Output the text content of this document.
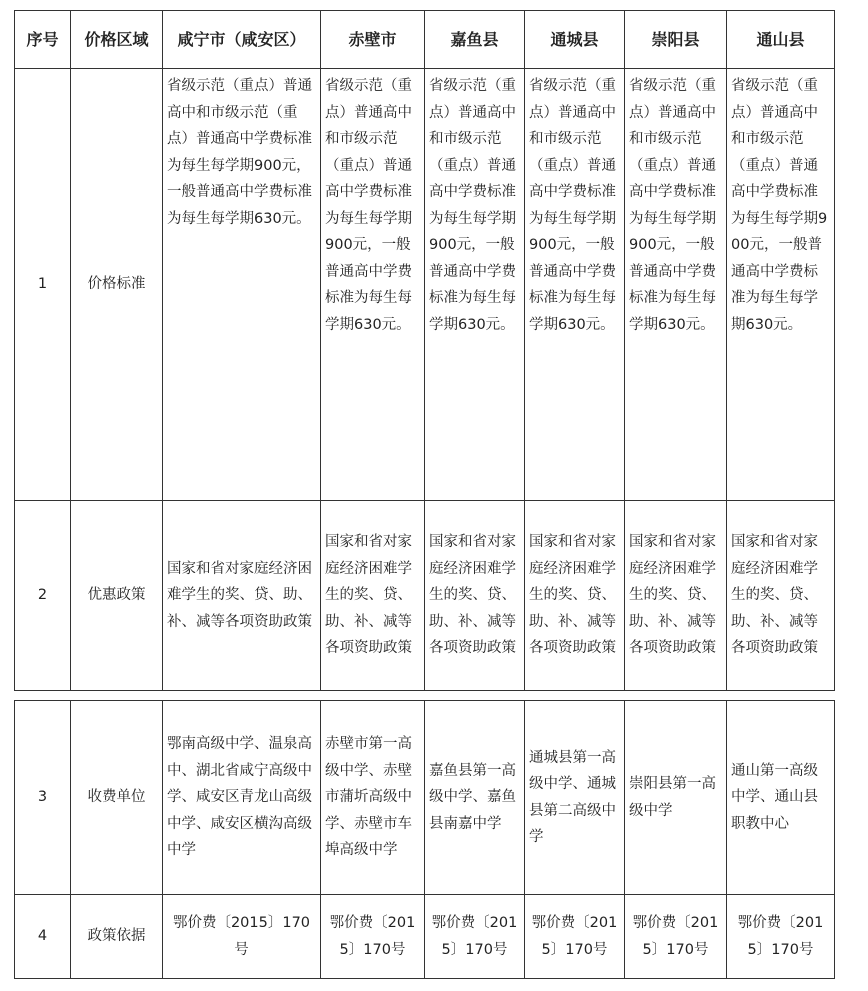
序号	价格区域	咸宁市（咸安区）	赤壁市	嘉鱼县	通城县	崇阳县	通山县
1	价格标准	省级示范（重点）普通高中和市级示范（重点）普通高中学费标准为每生每学期900元，一般普通高中学费标准为每生每学期630元。	省级示范（重点）普通高中和市级示范（重点）普通高中学费标准为每生每学期900元，一般普通高中学费标准为每生每学期630元。	省级示范（重点）普通高中和市级示范（重点）普通高中学费标准为每生每学期900元，一般普通高中学费标准为每生每学期630元。	省级示范（重点）普通高中和市级示范（重点）普通高中学费标准为每生每学期900元，一般普通高中学费标准为每生每学期630元。	省级示范（重点）普通高中和市级示范（重点）普通高中学费标准为每生每学期900元，一般普通高中学费标准为每生每学期630元。	省级示范（重点）普通高中和市级示范（重点）普通高中学费标准为每生每学期900元，一般普通高中学费标准为每生每学期630元。
2	优惠政策	国家和省对家庭经济困难学生的奖、贷、助、补、减等各项资助政策	国家和省对家庭经济困难学生的奖、贷、助、补、减等各项资助政策	国家和省对家庭经济困难学生的奖、贷、助、补、减等各项资助政策	国家和省对家庭经济困难学生的奖、贷、助、补、减等各项资助政策	国家和省对家庭经济困难学生的奖、贷、助、补、减等各项资助政策	国家和省对家庭经济困难学生的奖、贷、助、补、减等各项资助政策
3	收费单位	鄂南高级中学、温泉高中、湖北省咸宁高级中学、咸安区青龙山高级中学、咸安区横沟高级中学	赤壁市第一高级中学、赤壁市蒲圻高级中学、赤壁市车埠高级中学	嘉鱼县第一高级中学、嘉鱼县南嘉中学	通城县第一高级中学、通城县第二高级中学	崇阳县第一高级中学	通山第一高级中学、通山县职教中心
4	政策依据	鄂价费〔2015〕170号	鄂价费〔2015〕170号	鄂价费〔2015〕170号	鄂价费〔2015〕170号	鄂价费〔2015〕170号	鄂价费〔2015〕170号
